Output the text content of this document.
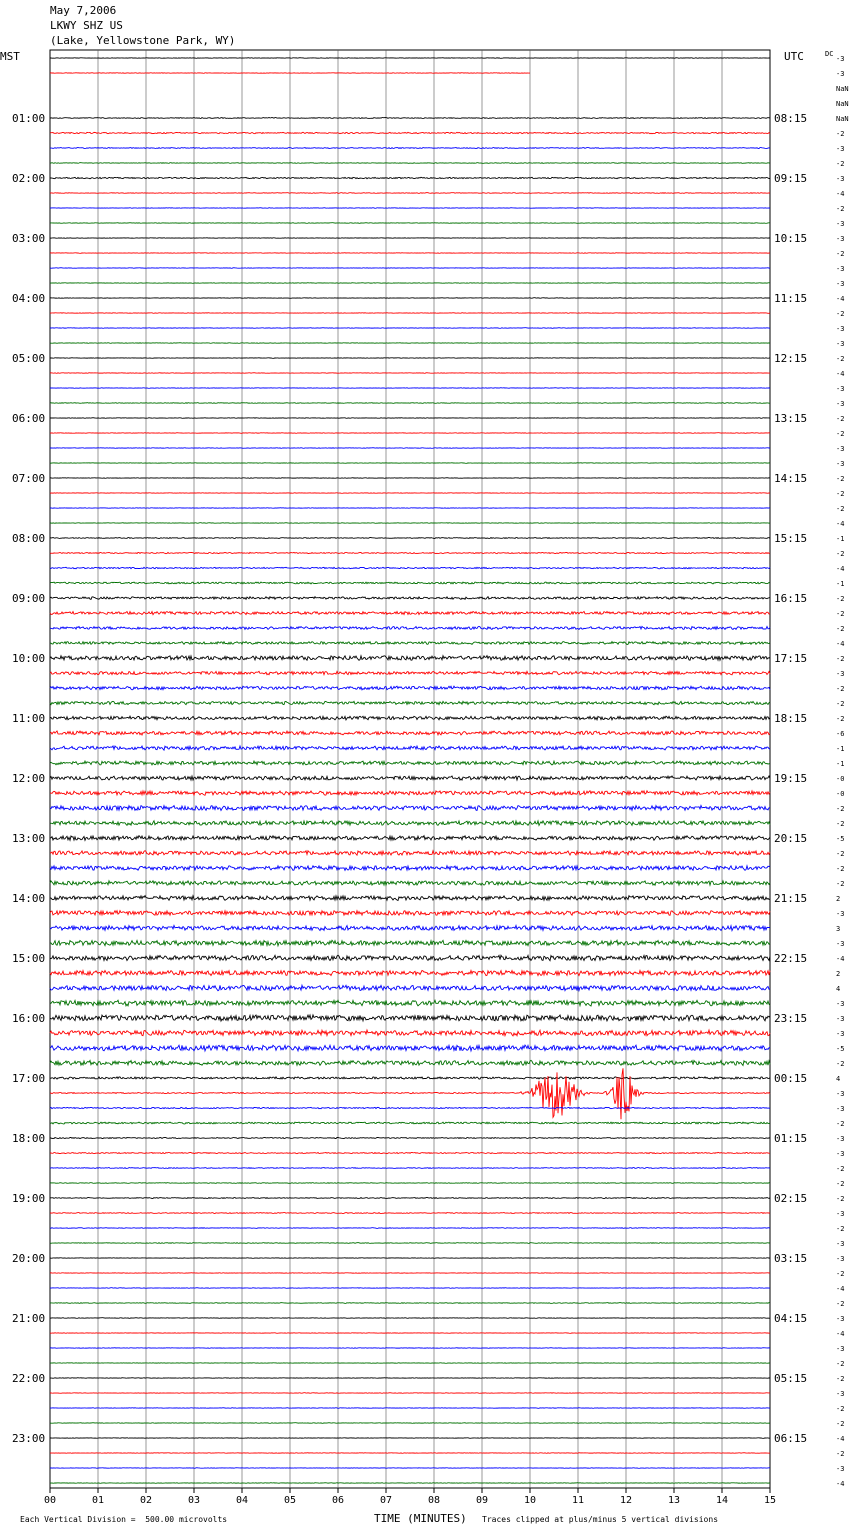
May 7,2006
LKWY SHZ US
(Lake, Yellowstone Park, WY)
MST	UTC
00	01	02	03	04	05	06	07	08	09	10	11	12	13	14	15
-3
-3
NaN
NaN
NaN
-2
-3
-2
-3
-4
-2
-3
-3
-2
-3
-3
-4
-2
-3
-3
-2
-4
-3
-3
-2
-2
-3
-3
-2
-2
-2
-4
-1
-2
-4
-1
-2
-2
-2
-4
-2
-3
-2
-2
-2
-6
-1
-1
-0
-0
-2
-2
-5
-2
-2
-2
2
-3
3
-3
-4
2
4
-3
-3
-3
-5
-2
4
-3
-3
-2
-3
-3
-2
-2
-2
-3
-2
-3
-3
-2
-4
-2
-3
-4
-3
-2
-2
-3
-2
-2
-4
-2
-3
-4
DC
01:00
02:00
03:00
04:00
05:00
06:00
07:00
08:00
09:00
10:00
11:00
12:00
13:00
14:00
15:00
16:00
17:00
18:00
19:00
20:00
21:00
22:00
23:00
08:15
09:15
10:15
11:15
12:15
13:15
14:15
15:15
16:15
17:15
18:15
19:15
20:15
21:15
22:15
23:15
00:15
01:15
02:15
03:15
04:15
05:15
06:15
Each Vertical Division =  500.00 microvolts	TIME (MINUTES) Traces clipped at plus/minus 5 vertical divisions
